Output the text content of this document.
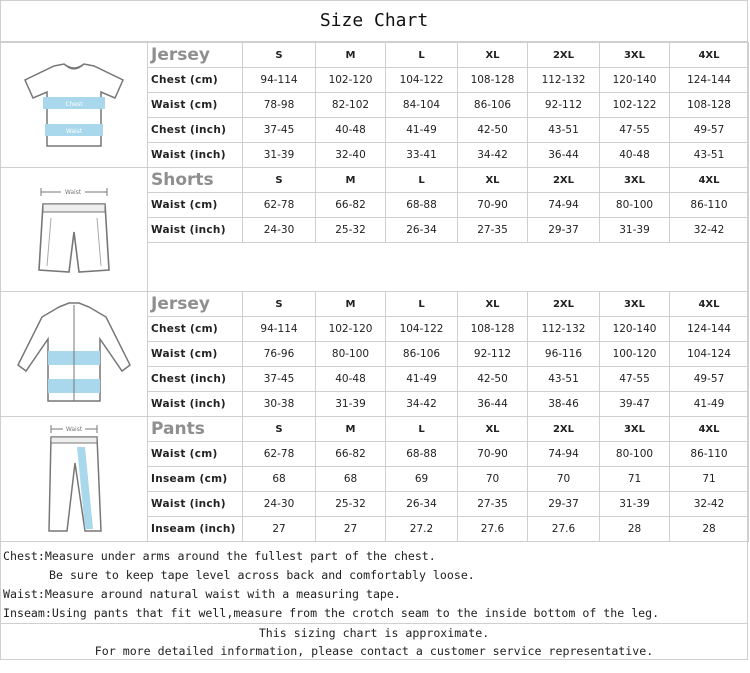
Size Chart
Chest
Waist	Jersey	S	M	L	XL	2XL	3XL	4XL
	Chest (cm)	94-114	102-120	104-122	108-128	112-132	120-140	124-144
	Waist (cm)	78-98	82-102	84-104	86-106	92-112	102-122	108-128
	Chest (inch)	37-45	40-48	41-49	42-50	43-51	47-55	49-57
	Waist (inch)	31-39	32-40	33-41	34-42	36-44	40-48	43-51

Waist	Shorts	S	M	L	XL	2XL	3XL	4XL
	Waist (cm)	62-78	66-82	68-88	70-90	74-94	80-100	86-110
	Waist (inch)	24-30	25-32	26-34	27-35	29-37	31-39	32-42

	Jersey	S	M	L	XL	2XL	3XL	4XL
	Chest (cm)	94-114	102-120	104-122	108-128	112-132	120-140	124-144
	Waist (cm)	76-96	80-100	86-106	92-112	96-116	100-120	104-124
	Chest (inch)	37-45	40-48	41-49	42-50	43-51	47-55	49-57
	Waist (inch)	30-38	31-39	34-42	36-44	38-46	39-47	41-49

Waist	Pants	S	M	L	XL	2XL	3XL	4XL
	Waist (cm)	62-78	66-82	68-88	70-90	74-94	80-100	86-110
	Inseam (cm)	68	68	69	70	70	71	71
	Waist (inch)	24-30	25-32	26-34	27-35	29-37	31-39	32-42
	Inseam (inch)	27	27	27.2	27.6	27.6	28	28
Chest:Measure under arms around the fullest part of the chest.
Be sure to keep tape level across back and comfortably loose.
Waist:Measure around natural waist with a measuring tape.
Inseam:Using pants that fit well,measure from the crotch seam to the inside bottom of the leg.
This sizing chart is approximate.
For more detailed information, please contact a customer service representative.
